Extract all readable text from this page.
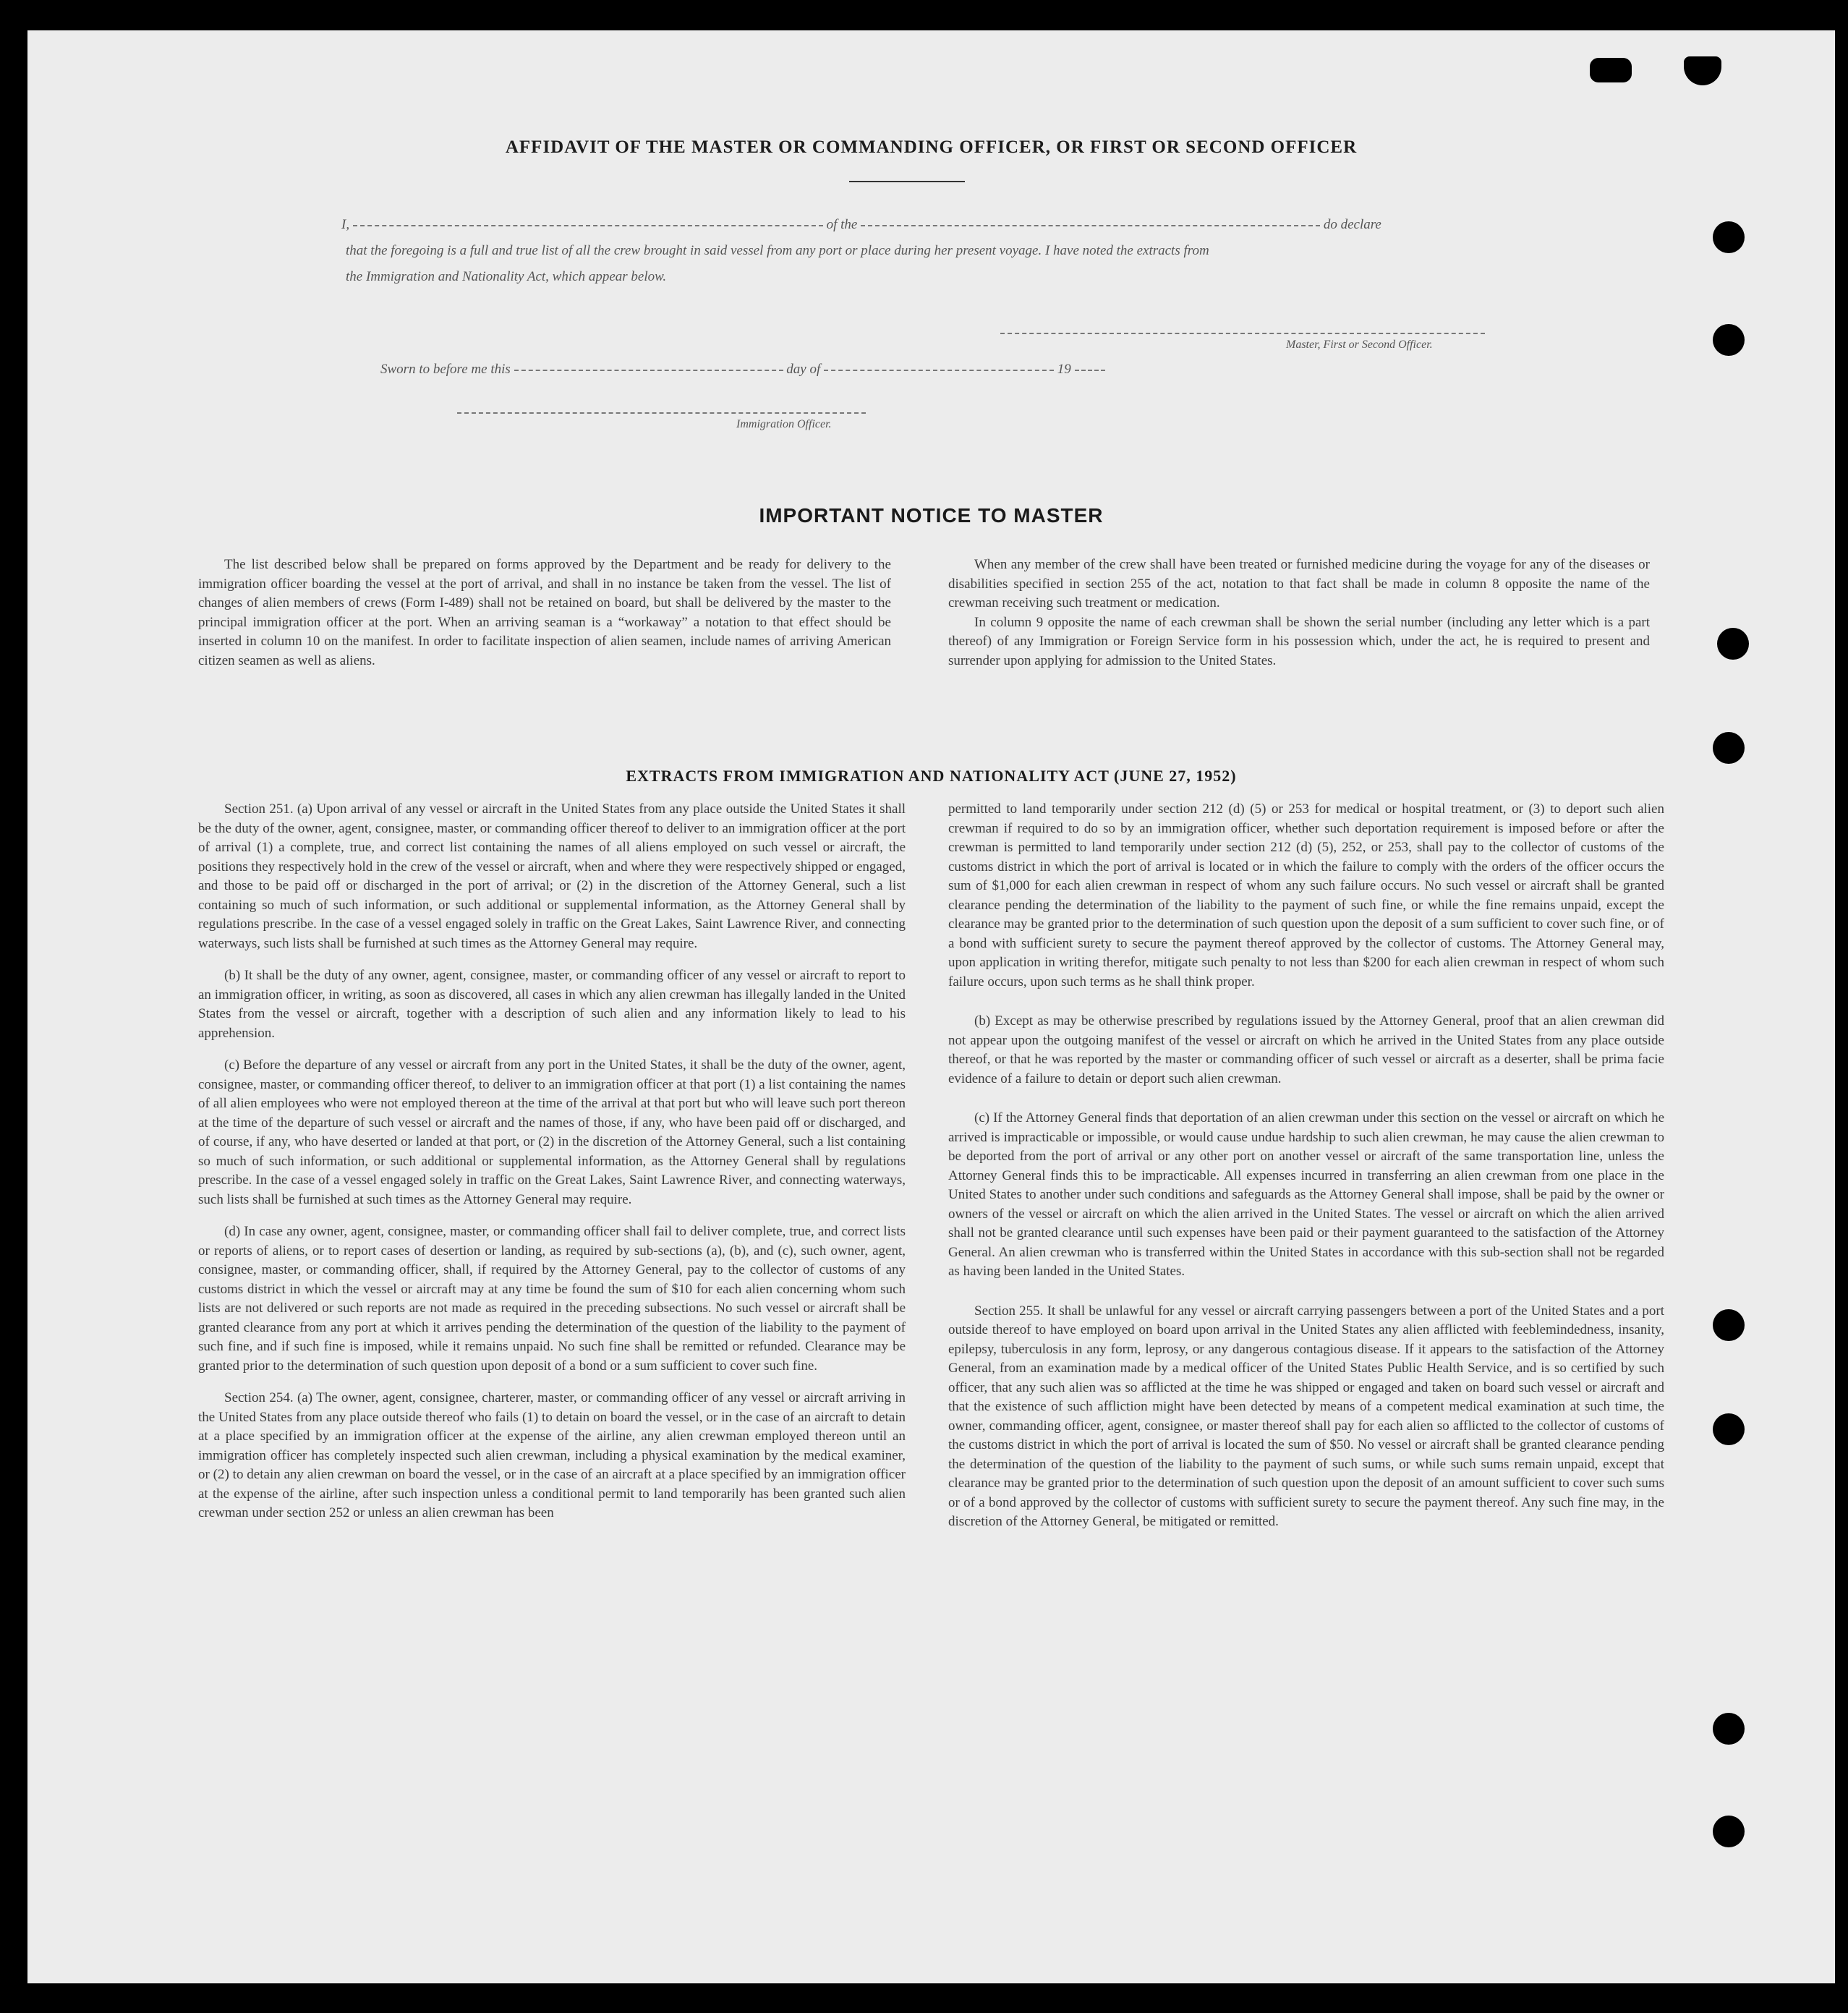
AFFIDAVIT OF THE MASTER OR COMMANDING OFFICER, OR FIRST OR SECOND OFFICER
I,	of the	do declare
that the foregoing is a full and true list of all the crew brought in said vessel from any port or place during her present voyage. I have noted the extracts from
the Immigration and Nationality Act, which appear below.
Master, First or Second Officer.
Sworn to before me this	day of	19
Immigration Officer.
IMPORTANT NOTICE TO MASTER

The list described below shall be prepared on forms approved by the Department and be ready for delivery to the immigration officer boarding the vessel at the port of arrival, and shall in no instance be taken from the vessel. The list of changes of alien members of crews (Form I-489) shall not be retained on board, but shall be delivered by the master to the principal immigration officer at the port. When an arriving seaman is a “workaway” a notation to that effect should be inserted in column 10 on the manifest. In order to facilitate inspection of alien seamen, include names of arriving American citizen seamen as well as aliens.

When any member of the crew shall have been treated or furnished medicine during the voyage for any of the diseases or disabilities specified in section 255 of the act, notation to that fact shall be made in column 8 opposite the name of the crewman receiving such treatment or medication.

In column 9 opposite the name of each crewman shall be shown the serial number (including any letter which is a part thereof) of any Immigration or Foreign Service form in his possession which, under the act, he is required to present and surrender upon applying for admission to the United States.

EXTRACTS FROM IMMIGRATION AND NATIONALITY ACT (JUNE 27, 1952)

Section 251. (a) Upon arrival of any vessel or aircraft in the United States from any place outside the United States it shall be the duty of the owner, agent, consignee, master, or commanding officer thereof to deliver to an immigration officer at the port of arrival (1) a complete, true, and correct list containing the names of all aliens employed on such vessel or aircraft, the positions they respectively hold in the crew of the vessel or aircraft, when and where they were respectively shipped or engaged, and those to be paid off or discharged in the port of arrival; or (2) in the discretion of the Attorney General, such a list containing so much of such information, or such additional or supplemental information, as the Attorney General shall by regulations prescribe. In the case of a vessel engaged solely in traffic on the Great Lakes, Saint Lawrence River, and connecting waterways, such lists shall be furnished at such times as the Attorney General may require.

(b) It shall be the duty of any owner, agent, consignee, master, or commanding officer of any vessel or aircraft to report to an immigration officer, in writing, as soon as discovered, all cases in which any alien crewman has illegally landed in the United States from the vessel or aircraft, together with a description of such alien and any information likely to lead to his apprehension.

(c) Before the departure of any vessel or aircraft from any port in the United States, it shall be the duty of the owner, agent, consignee, master, or commanding officer thereof, to deliver to an immigration officer at that port (1) a list containing the names of all alien employees who were not employed thereon at the time of the arrival at that port but who will leave such port thereon at the time of the departure of such vessel or aircraft and the names of those, if any, who have been paid off or discharged, and of course, if any, who have deserted or landed at that port, or (2) in the discretion of the Attorney General, such a list containing so much of such information, or such additional or supplemental information, as the Attorney General shall by regulations prescribe. In the case of a vessel engaged solely in traffic on the Great Lakes, Saint Lawrence River, and connecting waterways, such lists shall be furnished at such times as the Attorney General may require.

(d) In case any owner, agent, consignee, master, or commanding officer shall fail to deliver complete, true, and correct lists or reports of aliens, or to report cases of desertion or landing, as required by sub-sections (a), (b), and (c), such owner, agent, consignee, master, or commanding officer, shall, if required by the Attorney General, pay to the collector of customs of any customs district in which the vessel or aircraft may at any time be found the sum of $10 for each alien concerning whom such lists are not delivered or such reports are not made as required in the preceding subsections. No such vessel or aircraft shall be granted clearance from any port at which it arrives pending the determination of the question of the liability to the payment of such fine, and if such fine is imposed, while it remains unpaid. No such fine shall be remitted or refunded. Clearance may be granted prior to the determination of such question upon deposit of a bond or a sum sufficient to cover such fine.

Section 254. (a) The owner, agent, consignee, charterer, master, or commanding officer of any vessel or aircraft arriving in the United States from any place outside thereof who fails (1) to detain on board the vessel, or in the case of an aircraft to detain at a place specified by an immigration officer at the expense of the airline, any alien crewman employed thereon until an immigration officer has completely inspected such alien crewman, including a physical examination by the medical examiner, or (2) to detain any alien crewman on board the vessel, or in the case of an aircraft at a place specified by an immigration officer at the expense of the airline, after such inspection unless a conditional permit to land temporarily has been granted such alien crewman under section 252 or unless an alien crewman has been

permitted to land temporarily under section 212 (d) (5) or 253 for medical or hospital treatment, or (3) to deport such alien crewman if required to do so by an immigration officer, whether such deportation requirement is imposed before or after the crewman is permitted to land temporarily under section 212 (d) (5), 252, or 253, shall pay to the collector of customs of the customs district in which the port of arrival is located or in which the failure to comply with the orders of the officer occurs the sum of $1,000 for each alien crewman in respect of whom any such failure occurs. No such vessel or aircraft shall be granted clearance pending the determination of the liability to the payment of such fine, or while the fine remains unpaid, except the clearance may be granted prior to the determination of such question upon the deposit of a sum sufficient to cover such fine, or of a bond with sufficient surety to secure the payment thereof approved by the collector of customs. The Attorney General may, upon application in writing therefor, mitigate such penalty to not less than $200 for each alien crewman in respect of whom such failure occurs, upon such terms as he shall think proper.

(b) Except as may be otherwise prescribed by regulations issued by the Attorney General, proof that an alien crewman did not appear upon the outgoing manifest of the vessel or aircraft on which he arrived in the United States from any place outside thereof, or that he was reported by the master or commanding officer of such vessel or aircraft as a deserter, shall be prima facie evidence of a failure to detain or deport such alien crewman.

(c) If the Attorney General finds that deportation of an alien crewman under this section on the vessel or aircraft on which he arrived is impracticable or impossible, or would cause undue hardship to such alien crewman, he may cause the alien crewman to be deported from the port of arrival or any other port on another vessel or aircraft of the same transportation line, unless the Attorney General finds this to be impracticable. All expenses incurred in transferring an alien crewman from one place in the United States to another under such conditions and safeguards as the Attorney General shall impose, shall be paid by the owner or owners of the vessel or aircraft on which the alien arrived in the United States. The vessel or aircraft on which the alien arrived shall not be granted clearance until such expenses have been paid or their payment guaranteed to the satisfaction of the Attorney General. An alien crewman who is transferred within the United States in accordance with this sub-section shall not be regarded as having been landed in the United States.

Section 255. It shall be unlawful for any vessel or aircraft carrying passengers between a port of the United States and a port outside thereof to have employed on board upon arrival in the United States any alien afflicted with feeblemindedness, insanity, epilepsy, tuberculosis in any form, leprosy, or any dangerous contagious disease. If it appears to the satisfaction of the Attorney General, from an examination made by a medical officer of the United States Public Health Service, and is so certified by such officer, that any such alien was so afflicted at the time he was shipped or engaged and taken on board such vessel or aircraft and that the existence of such affliction might have been detected by means of a competent medical examination at such time, the owner, commanding officer, agent, consignee, or master thereof shall pay for each alien so afflicted to the collector of customs of the customs district in which the port of arrival is located the sum of $50. No vessel or aircraft shall be granted clearance pending the determination of the question of the liability to the payment of such sums, or while such sums remain unpaid, except that clearance may be granted prior to the determination of such question upon the deposit of an amount sufficient to cover such sums or of a bond approved by the collector of customs with sufficient surety to secure the payment thereof. Any such fine may, in the discretion of the Attorney General, be mitigated or remitted.
